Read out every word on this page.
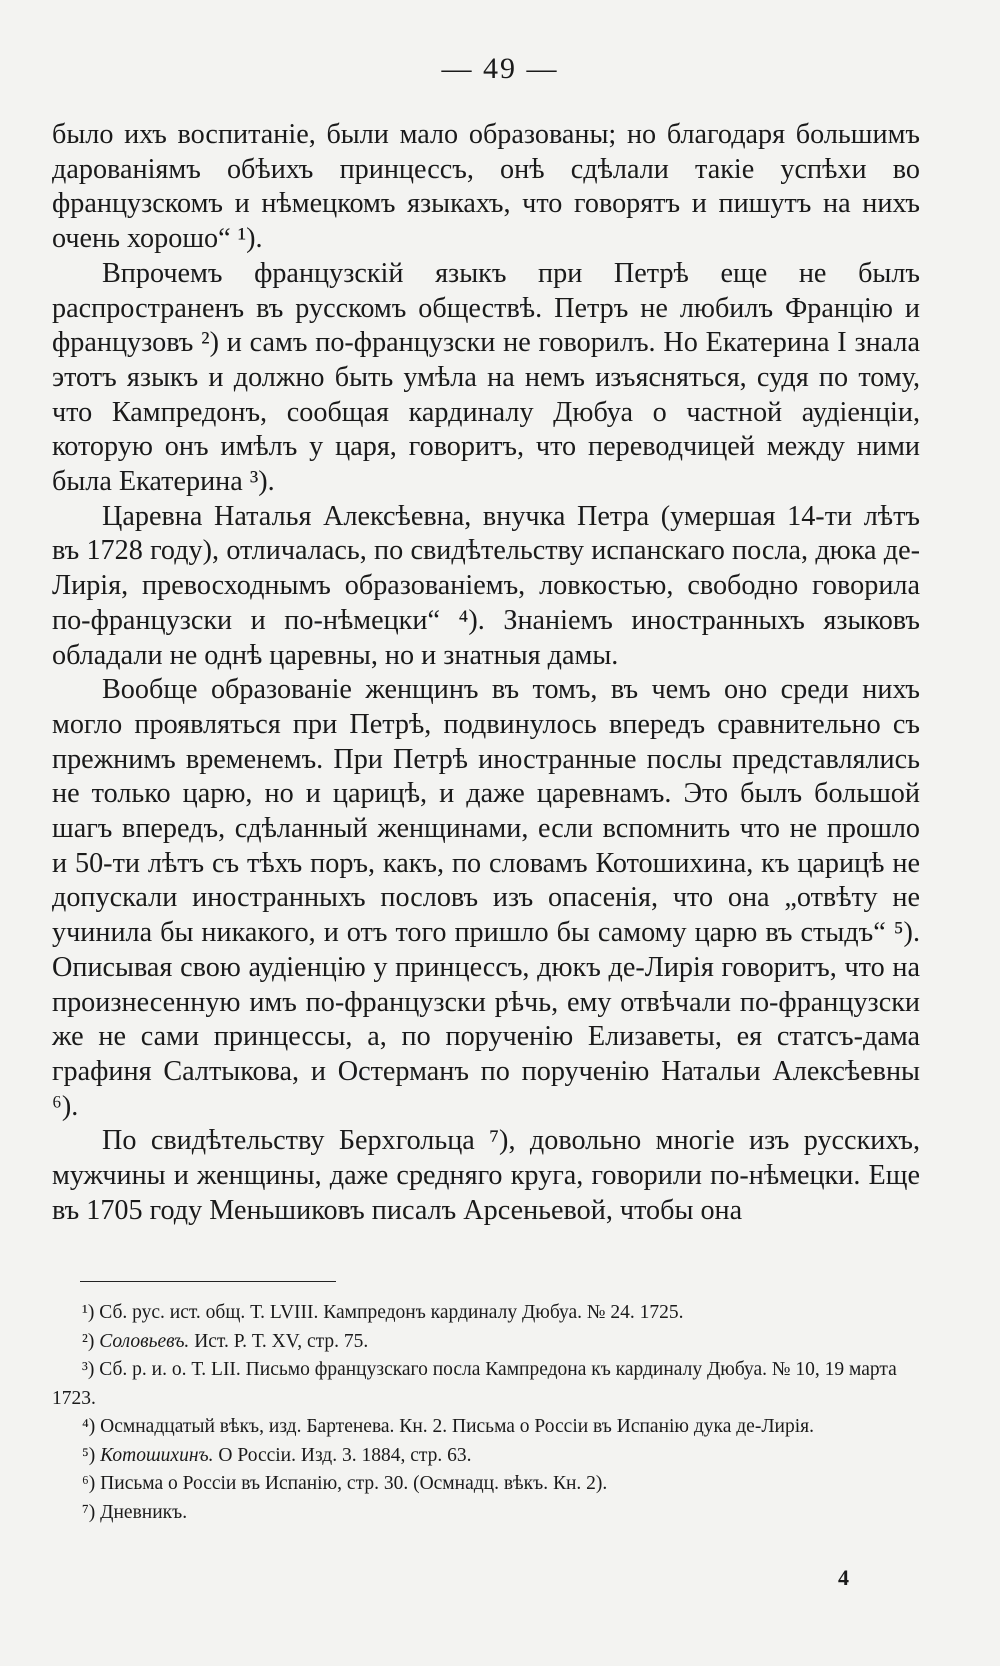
— 49 —

было ихъ воспитаніе, были мало образованы; но благодаря большимъ дарованіямъ обѣихъ принцессъ, онѣ сдѣлали такіе успѣхи во французскомъ и нѣмецкомъ языкахъ, что говорятъ и пишутъ на нихъ очень хорошо“ ¹).

Впрочемъ французскій языкъ при Петрѣ еще не былъ распространенъ въ русскомъ обществѣ. Петръ не любилъ Францію и французовъ ²) и самъ по-французски не говорилъ. Но Екатерина I знала этотъ языкъ и должно быть умѣла на немъ изъясняться, судя по тому, что Кампредонъ, сообщая кардиналу Дюбуа о частной аудіенціи, которую онъ имѣлъ у царя, говоритъ, что переводчицей между ними была Екатерина ³).

Царевна Наталья Алексѣевна, внучка Петра (умершая 14-ти лѣтъ въ 1728 году), отличалась, по свидѣтельству испанскаго посла, дюка де-Лирія, превосходнымъ образованіемъ, ловкостью, свободно говорила по-французски и по-нѣмецки“ ⁴). Знаніемъ иностранныхъ языковъ обладали не однѣ царевны, но и знатныя дамы.

Вообще образованіе женщинъ въ томъ, въ чемъ оно среди нихъ могло проявляться при Петрѣ, подвинулось впередъ сравнительно съ прежнимъ временемъ. При Петрѣ иностранные послы представлялись не только царю, но и царицѣ, и даже царевнамъ. Это былъ большой шагъ впередъ, сдѣланный женщинами, если вспомнить что не прошло и 50-ти лѣтъ съ тѣхъ поръ, какъ, по словамъ Котошихина, къ царицѣ не допускали иностранныхъ пословъ изъ опасенія, что она „отвѣту не учинила бы никакого, и отъ того пришло бы самому царю въ стыдъ“ ⁵). Описывая свою аудіенцію у принцессъ, дюкъ де-Лирія говоритъ, что на произнесенную имъ по-французски рѣчь, ему отвѣчали по-французски же не сами принцессы, а, по порученію Елизаветы, ея статсъ-дама графиня Салтыкова, и Остерманъ по порученію Натальи Алексѣевны ⁶).

По свидѣтельству Берхгольца ⁷), довольно многіе изъ русскихъ, мужчины и женщины, даже средняго круга, говорили по-нѣмецки. Еще въ 1705 году Меньшиковъ писалъ Арсеньевой, чтобы она

¹) Сб. рус. ист. общ. Т. LVIII. Кампредонъ кардиналу Дюбуа. № 24. 1725.

²) Соловьевъ. Ист. Р. Т. XV, стр. 75.

³) Сб. р. и. о. Т. LII. Письмо французскаго посла Кампредона къ кардиналу Дюбуа. № 10, 19 марта 1723.

⁴) Осмнадцатый вѣкъ, изд. Бартенева. Кн. 2. Письма о Россіи въ Испанію дука де-Лирія.

⁵) Котошихинъ. О Россіи. Изд. 3. 1884, стр. 63.

⁶) Письма о Россіи въ Испанію, стр. 30. (Осмнадц. вѣкъ. Кн. 2).

⁷) Дневникъ.

4
